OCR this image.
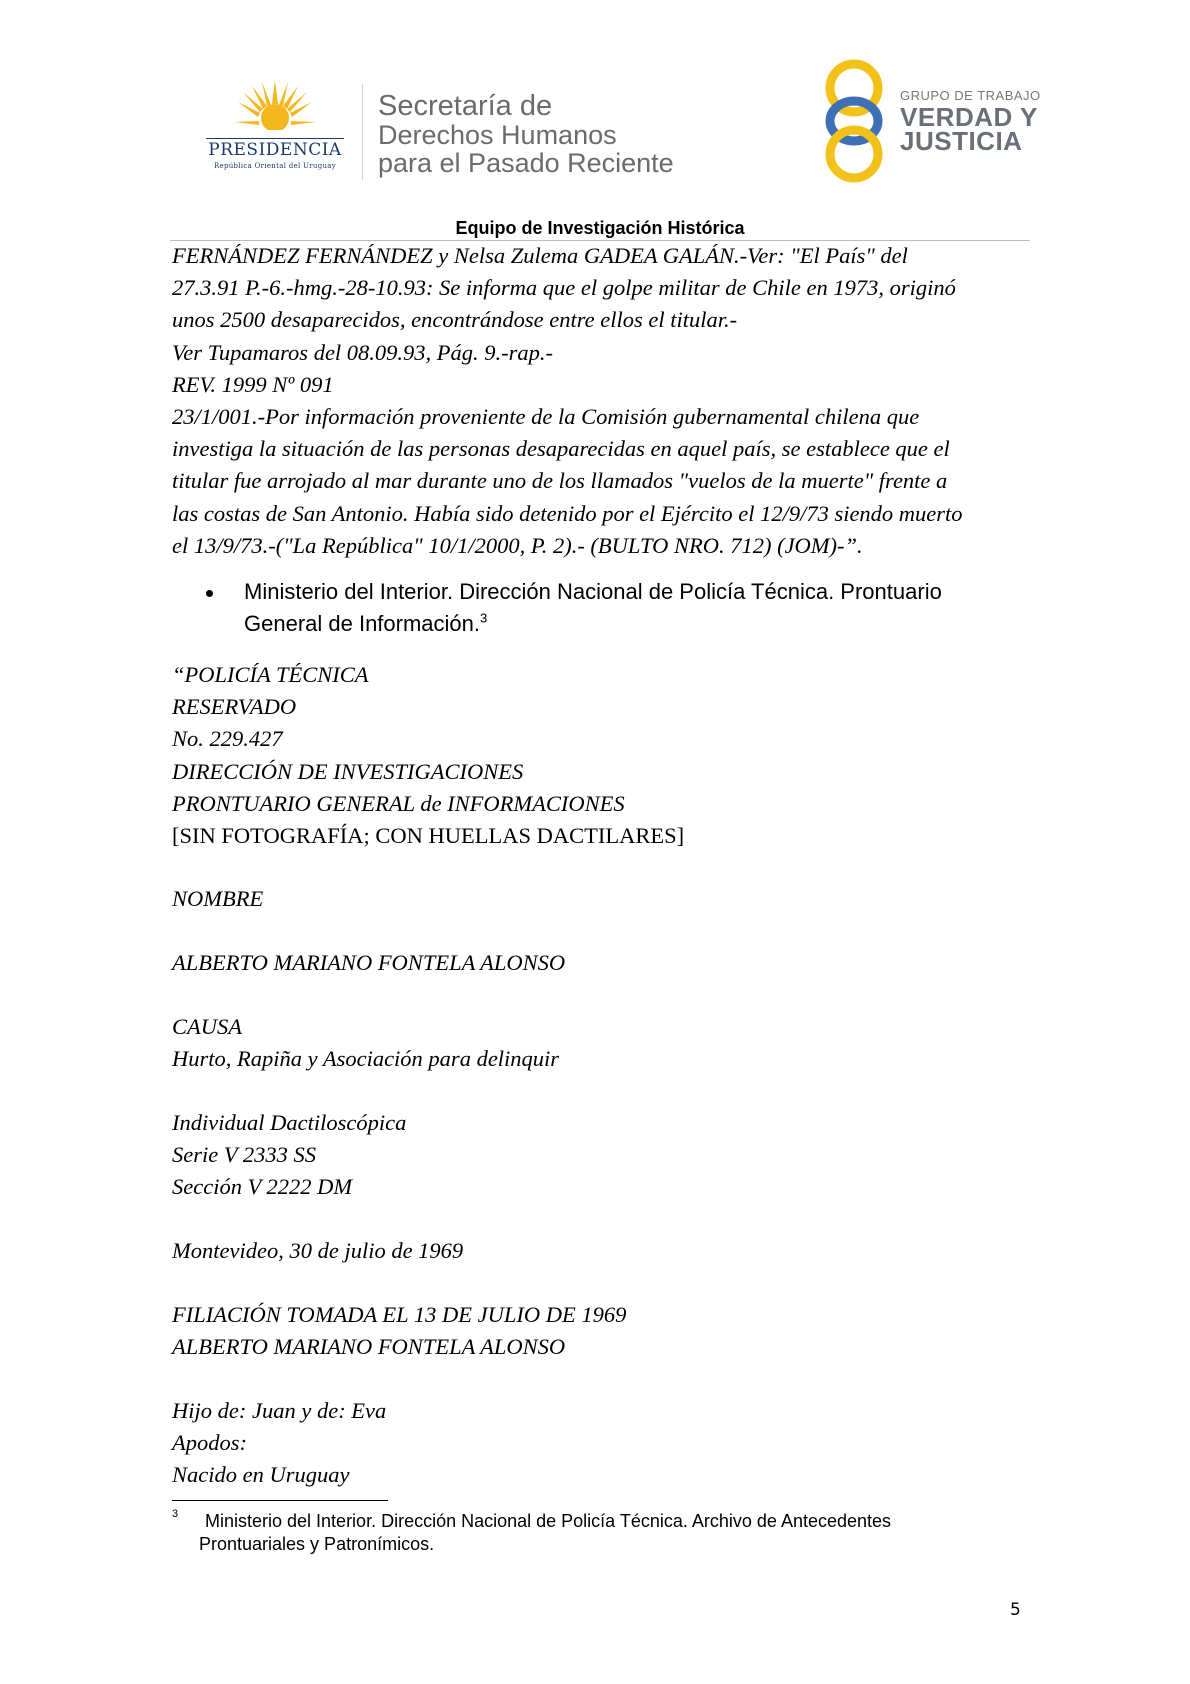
PRESIDENCIA
República Oriental del Uruguay
Secretaría de
Derechos Humanos
para el Pasado Reciente
GRUPO DE TRABAJO
VERDAD Y
JUSTICIA
Equipo de Investigación Histórica
FERNÁNDEZ FERNÁNDEZ y Nelsa Zulema GADEA GALÁN.-Ver: "El País" del
27.3.91 P.-6.-hmg.-28-10.93: Se informa que el golpe militar de Chile en 1973, originó
unos 2500 desaparecidos, encontrándose entre ellos el titular.-
Ver Tupamaros del 08.09.93, Pág. 9.-rap.-
REV. 1999 Nº 091
23/1/001.-Por información proveniente de la Comisión gubernamental chilena que
investiga la situación de las personas desaparecidas en aquel país, se establece que el
titular fue arrojado al mar durante uno de los llamados "vuelos de la muerte" frente a
las costas de San Antonio. Había sido detenido por el Ejército el 12/9/73 siendo muerto
el 13/9/73.-("La República" 10/1/2000, P. 2).- (BULTO NRO. 712) (JOM)-”.
Ministerio del Interior. Dirección Nacional de Policía Técnica. Prontuario
General de Información.$^3$
“POLICÍA TÉCNICA
RESERVADO
No. 229.427
DIRECCIÓN DE INVESTIGACIONES
PRONTUARIO GENERAL de INFORMACIONES
[SIN FOTOGRAFÍA; CON HUELLAS DACTILARES]
NOMBRE
ALBERTO MARIANO FONTELA ALONSO
CAUSA
Hurto, Rapiña y Asociación para delinquir
Individual Dactiloscópica
Serie V 2333 SS
Sección V 2222 DM
Montevideo, 30 de julio de 1969
FILIACIÓN TOMADA EL 13 DE JULIO DE 1969
ALBERTO MARIANO FONTELA ALONSO
Hijo de: Juan y de: Eva
Apodos:
Nacido en Uruguay
3 Ministerio del Interior. Dirección Nacional de Policía Técnica. Archivo de Antecedentes
Prontuariales y Patronímicos.
5
